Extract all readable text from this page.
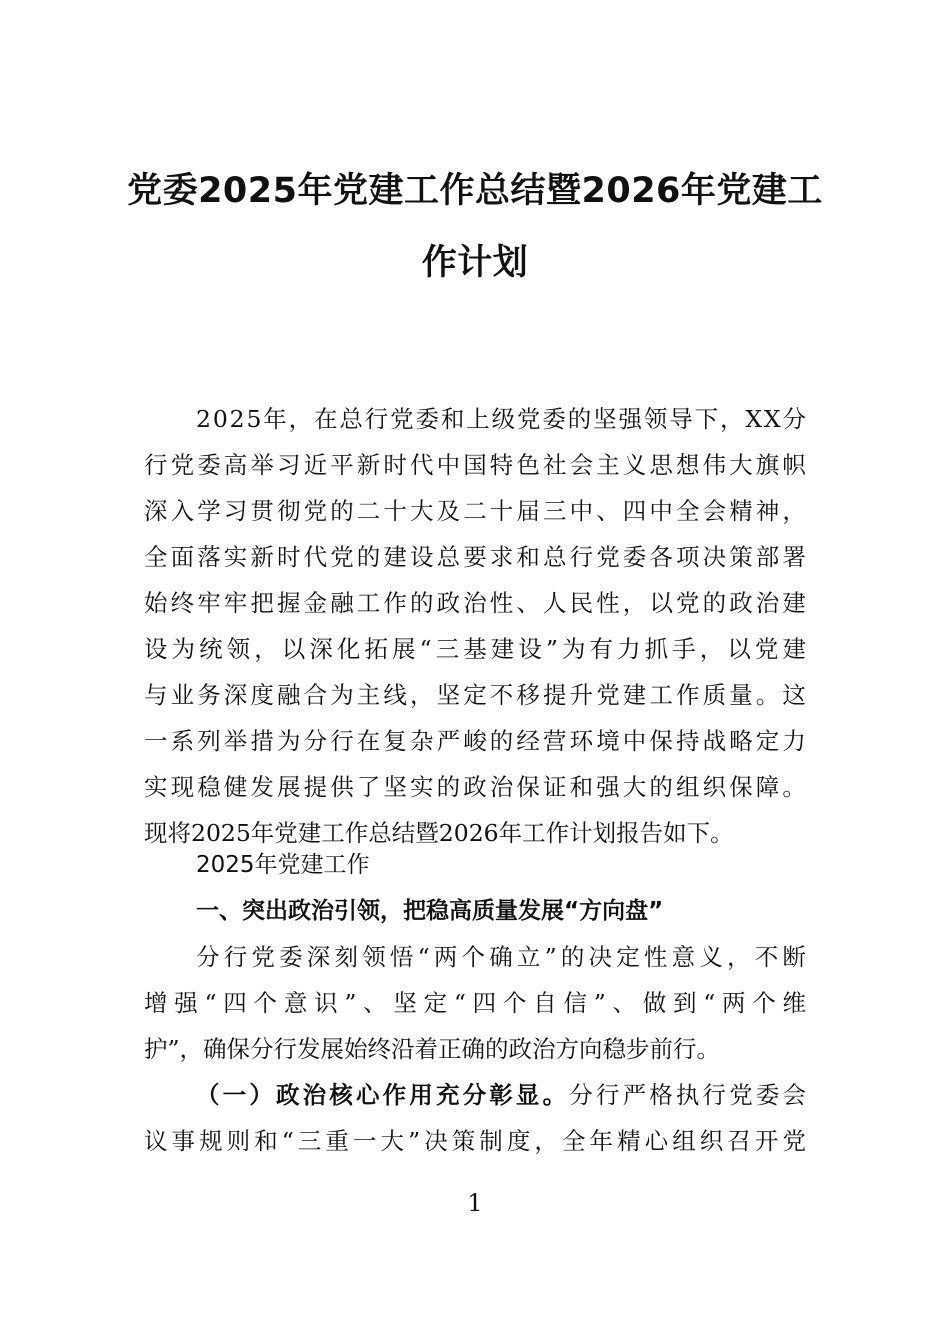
党委2025年党建工作总结暨2026年党建工
作计划
2025年，在总行党委和上级党委的坚强领导下，XX分
行党委高举习近平新时代中国特色社会主义思想伟大旗帜
深入学习贯彻党的二十大及二十届三中、四中全会精神，
全面落实新时代党的建设总要求和总行党委各项决策部署
始终牢牢把握金融工作的政治性、人民性，以党的政治建
设为统领，以深化拓展“三基建设”为有力抓手，以党建
与业务深度融合为主线，坚定不移提升党建工作质量。这
一系列举措为分行在复杂严峻的经营环境中保持战略定力
实现稳健发展提供了坚实的政治保证和强大的组织保障。
现将2025年党建工作总结暨2026年工作计划报告如下。
2025年党建工作
一、突出政治引领，把稳高质量发展“方向盘”
分行党委深刻领悟“两个确立”的决定性意义，不断
增强“四个意识”、坚定“四个自信”、做到“两个维
护”，确保分行发展始终沿着正确的政治方向稳步前行。
（一）政治核心作用充分彰显。分行严格执行党委会
议事规则和“三重一大”决策制度，全年精心组织召开党
1
